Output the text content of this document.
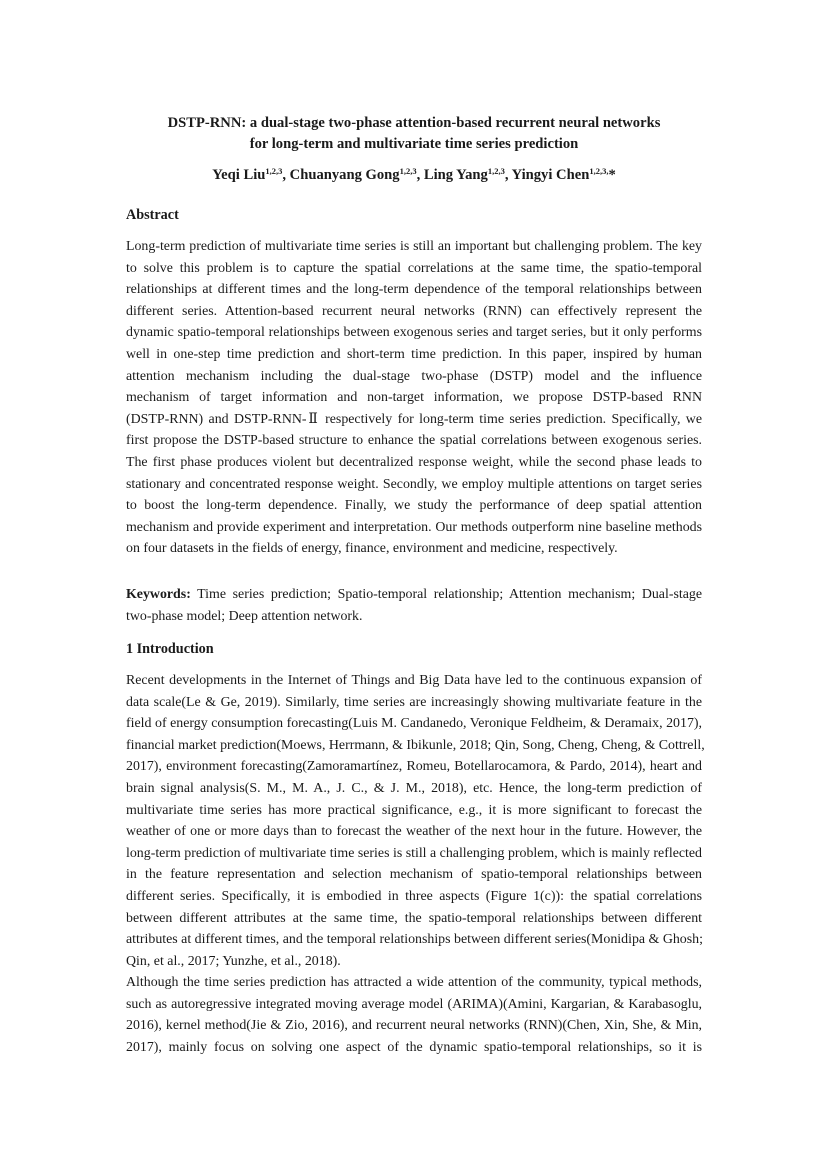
DSTP-RNN: a dual-stage two-phase attention-based recurrent neural networks
for long-term and multivariate time series prediction
Yeqi Liu$^{1,2,3}$, Chuanyang Gong$^{1,2,3}$, Ling Yang$^{1,2,3}$, Yingyi Chen$^{1,2,3,}$*
Abstract
Long-term prediction of multivariate time series is still an important but challenging problem. The key
to solve this problem is to capture the spatial correlations at the same time, the spatio-temporal
relationships at different times and the long-term dependence of the temporal relationships between
different series. Attention-based recurrent neural networks (RNN) can effectively represent the
dynamic spatio-temporal relationships between exogenous series and target series, but it only performs
well in one-step time prediction and short-term time prediction. In this paper, inspired by human
attention mechanism including the dual-stage two-phase (DSTP) model and the influence
mechanism of target information and non-target information, we propose DSTP-based RNN
(DSTP-RNN) and DSTP-RNN-Ⅱ respectively for long-term time series prediction. Specifically, we
first propose the DSTP-based structure to enhance the spatial correlations between exogenous series.
The first phase produces violent but decentralized response weight, while the second phase leads to
stationary and concentrated response weight. Secondly, we employ multiple attentions on target series
to boost the long-term dependence. Finally, we study the performance of deep spatial attention
mechanism and provide experiment and interpretation. Our methods outperform nine baseline methods
on four datasets in the fields of energy, finance, environment and medicine, respectively.
Keywords: Time series prediction; Spatio-temporal relationship; Attention mechanism; Dual-stage
two-phase model; Deep attention network.
1 Introduction
Recent developments in the Internet of Things and Big Data have led to the continuous expansion of
data scale(Le & Ge, 2019). Similarly, time series are increasingly showing multivariate feature in the
field of energy consumption forecasting(Luis M. Candanedo, Veronique Feldheim, & Deramaix, 2017),
financial market prediction(Moews, Herrmann, & Ibikunle, 2018; Qin, Song, Cheng, Cheng, & Cottrell,
2017), environment forecasting(Zamoramartínez, Romeu, Botellarocamora, & Pardo, 2014), heart and
brain signal analysis(S. M., M. A., J. C., & J. M., 2018), etc. Hence, the long-term prediction of
multivariate time series has more practical significance, e.g., it is more significant to forecast the
weather of one or more days than to forecast the weather of the next hour in the future. However, the
long-term prediction of multivariate time series is still a challenging problem, which is mainly reflected
in the feature representation and selection mechanism of spatio-temporal relationships between
different series. Specifically, it is embodied in three aspects (Figure 1(c)): the spatial correlations
between different attributes at the same time, the spatio-temporal relationships between different
attributes at different times, and the temporal relationships between different series(Monidipa & Ghosh;
Qin, et al., 2017; Yunzhe, et al., 2018).
Although the time series prediction has attracted a wide attention of the community, typical methods,
such as autoregressive integrated moving average model (ARIMA)(Amini, Kargarian, & Karabasoglu,
2016), kernel method(Jie & Zio, 2016), and recurrent neural networks (RNN)(Chen, Xin, She, & Min,
2017), mainly focus on solving one aspect of the dynamic spatio-temporal relationships, so it is
